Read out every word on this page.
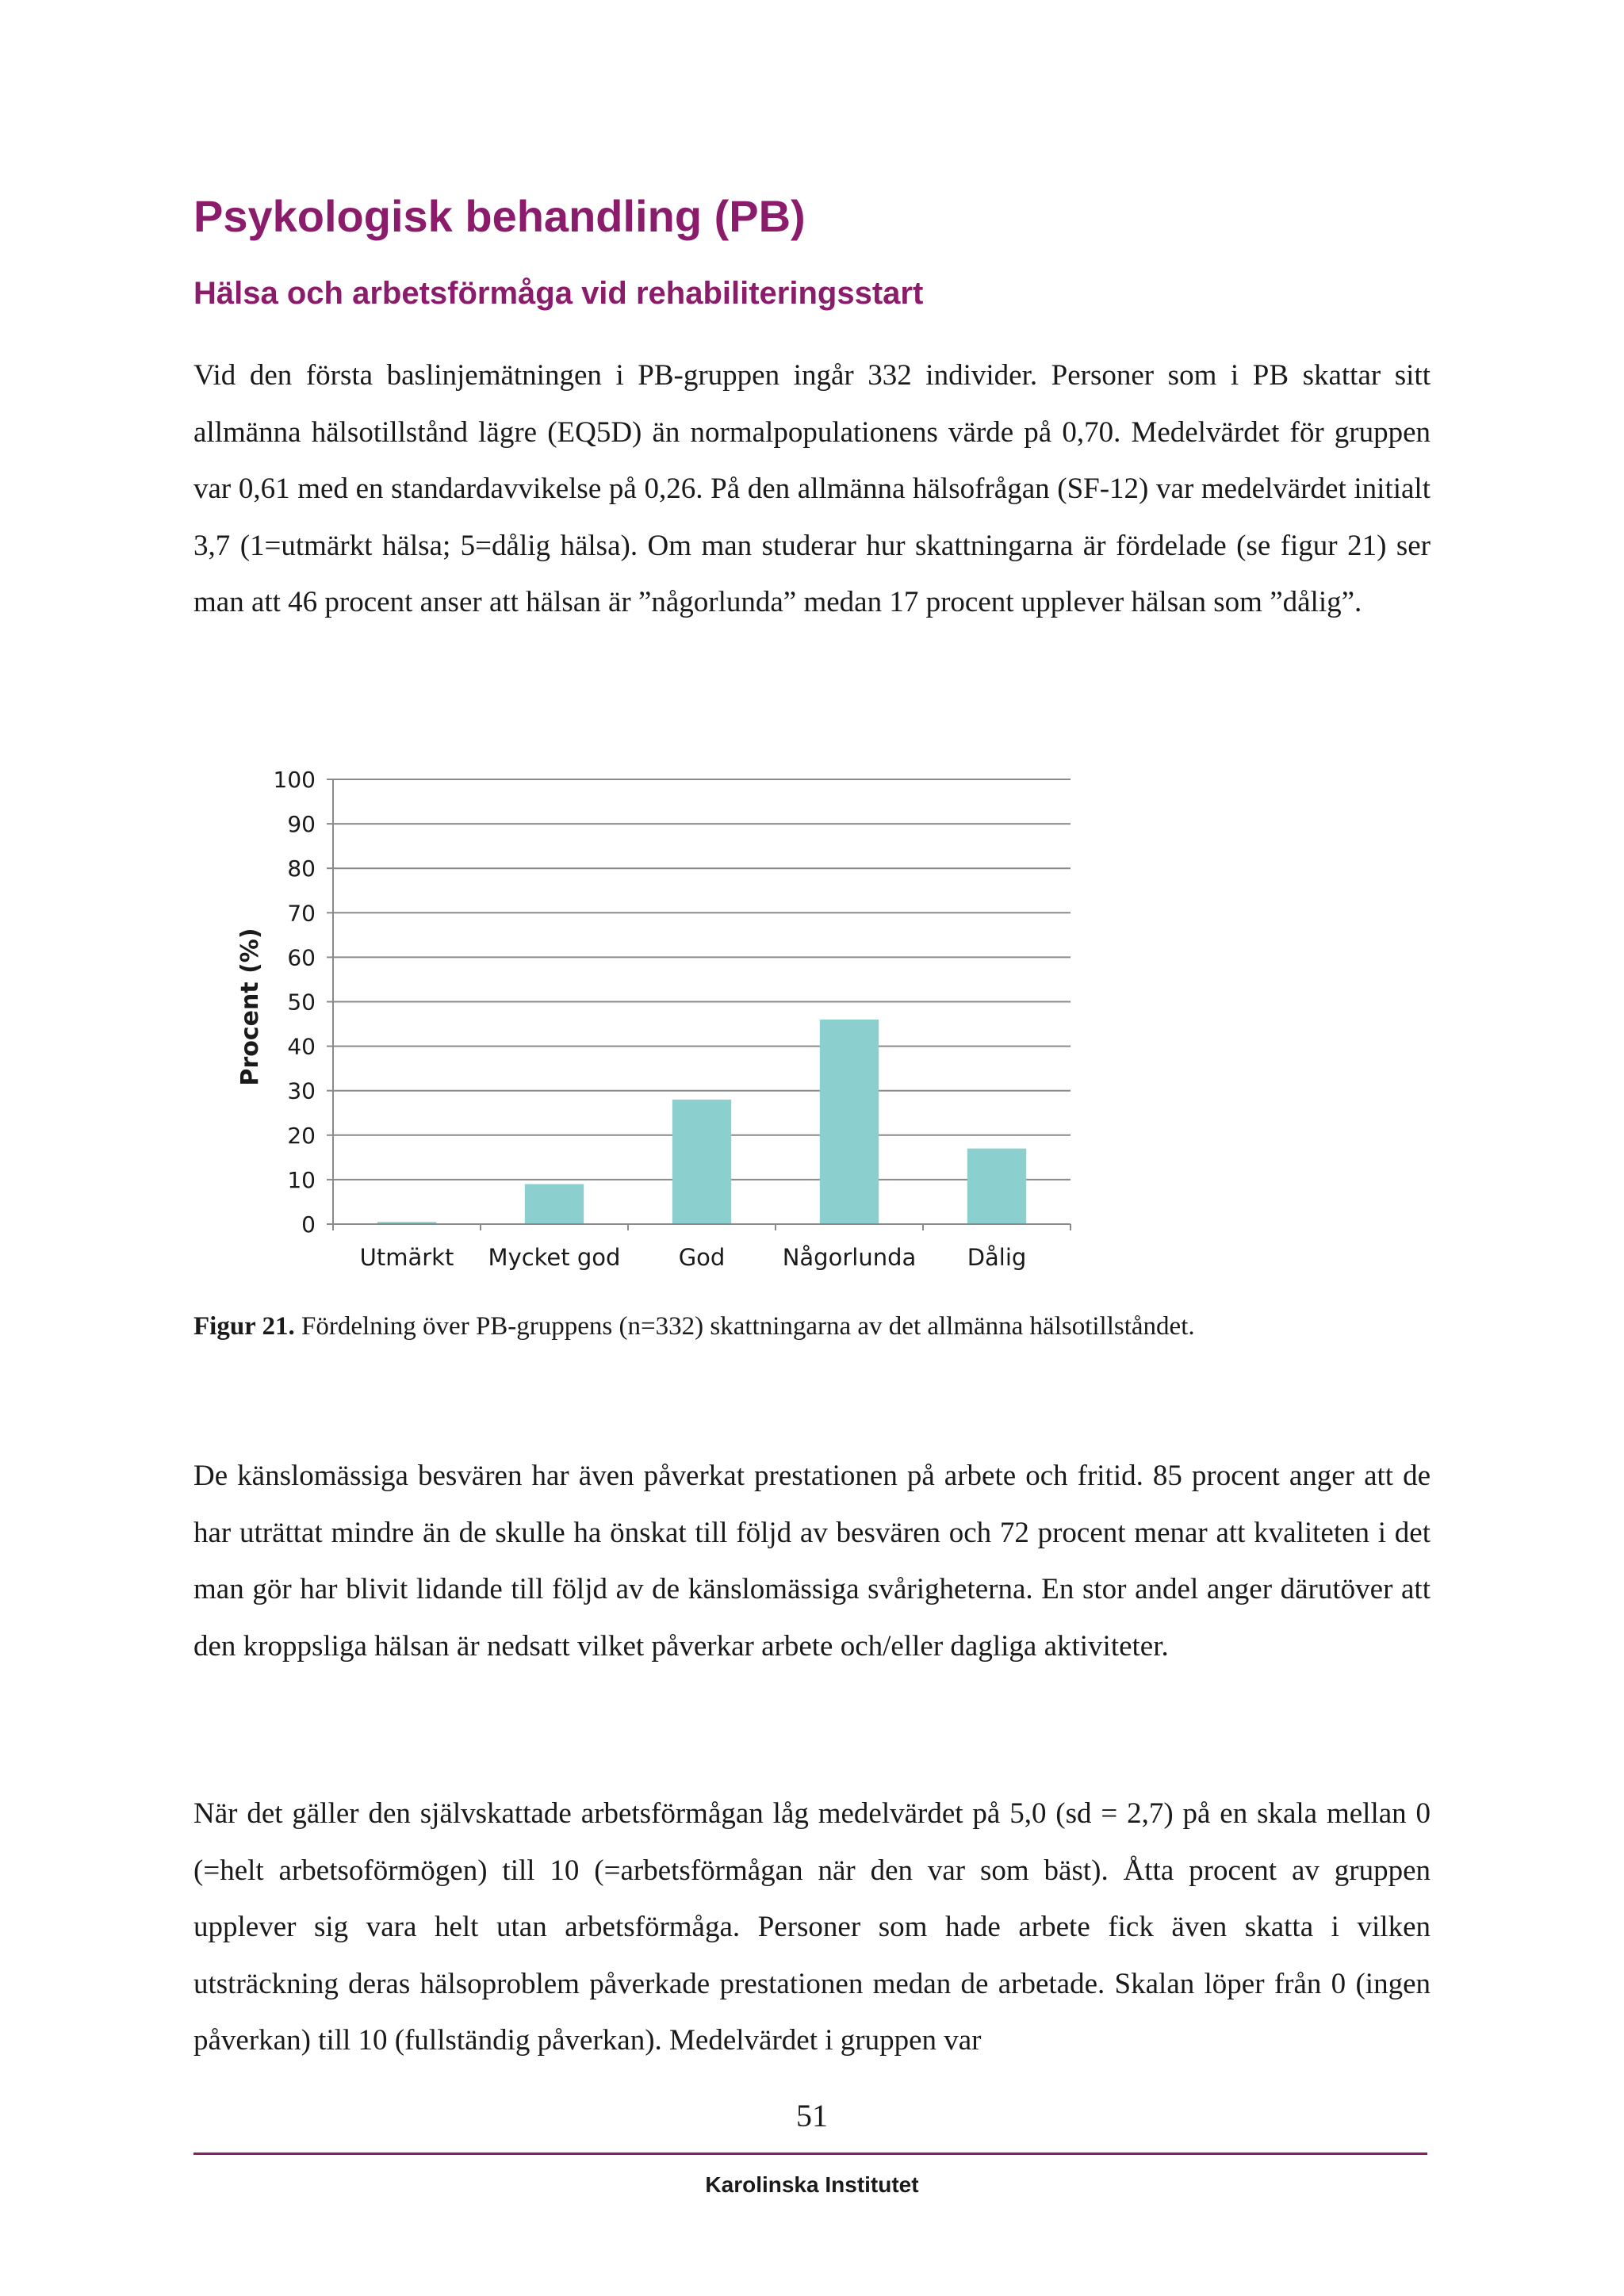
Psykologisk behandling (PB)
Hälsa och arbetsförmåga vid rehabiliteringsstart

Vid den första baslinjemätningen i PB-gruppen ingår 332 individer. Personer som i PB skattar sitt allmänna hälsotillstånd lägre (EQ5D) än normalpopulationens värde på 0,70. Medelvärdet för gruppen var 0,61 med en standardavvikelse på 0,26. På den allmänna hälsofrågan (SF-12) var medelvärdet initialt 3,7 (1=utmärkt hälsa; 5=dålig hälsa). Om man studerar hur skattningarna är fördelade (se figur 21) ser man att 46 procent anser att hälsan är ”någorlunda” medan 17 procent upplever hälsan som ”dålig”.

0
10
20
30
40
50
60
70
80
90
100
Utmärkt Mycket god	God Någorlunda Dålig
Procent (%)

Figur 21. Fördelning över PB-gruppens (n=332) skattningarna av det allmänna hälsotillståndet.

De känslomässiga besvären har även påverkat prestationen på arbete och fritid. 85 procent anger att de har uträttat mindre än de skulle ha önskat till följd av besvären och 72 procent menar att kvaliteten i det man gör har blivit lidande till följd av de känslomässiga svårigheterna. En stor andel anger därutöver att den kroppsliga hälsan är nedsatt vilket påverkar arbete och/eller dagliga aktiviteter.

När det gäller den självskattade arbetsförmågan låg medelvärdet på 5,0 (sd = 2,7) på en skala mellan 0 (=helt arbetsoförmögen) till 10 (=arbetsförmågan när den var som bäst). Åtta procent av gruppen upplever sig vara helt utan arbetsförmåga. Personer som hade arbete fick även skatta i vilken utsträckning deras hälsoproblem påverkade prestationen medan de arbetade. Skalan löper från 0 (ingen påverkan) till 10 (fullständig påverkan). Medelvärdet i gruppen var

51
Karolinska Institutet
